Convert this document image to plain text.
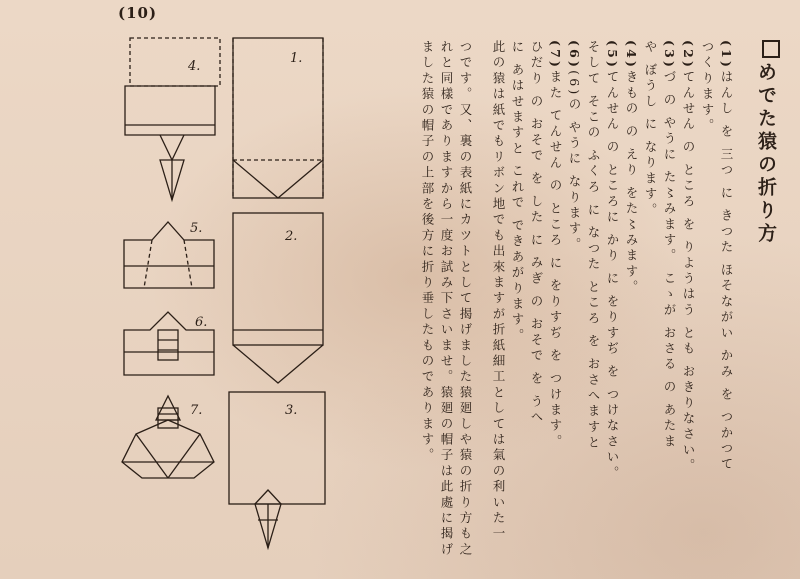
(10)
1.
2.
3.
4.
5.
6.
7.
めでた猿の折り方
(1)はんし を 三つ に きつた ほそながい かみ を つかつて
つくります。
(2)てんせん の ところ を りようはう とも おきりなさい。
(3)づ の やうに た〻みます。 こゝが おさる の あたま
や ぼうし に なります。
(4)きもの の えり をた〻みます。
(5)てんせん の ところに かり に をりすぢ を つけなさい。
そして そこの ふくろ に なつた ところ を おさへますと
(6)(6)の やうに なります。
(7)また てんせん の ところ に をりすぢ を つけます。
ひだり の おそで を した に みぎ の おそで を うへ
に あはせますと これで できあがります。
此の猿は紙でもリボン地でも出來ますが折紙細工としては氣の利いた一
つです。又、裏の表紙にカツトとして揭げました猿廻しや猿の折り方も之
れと同樣でありますから一度お試み下さいませ。猿廻の帽子は此處に揭げ
ました猿の帽子の上部を後方に折り垂したものであります。
